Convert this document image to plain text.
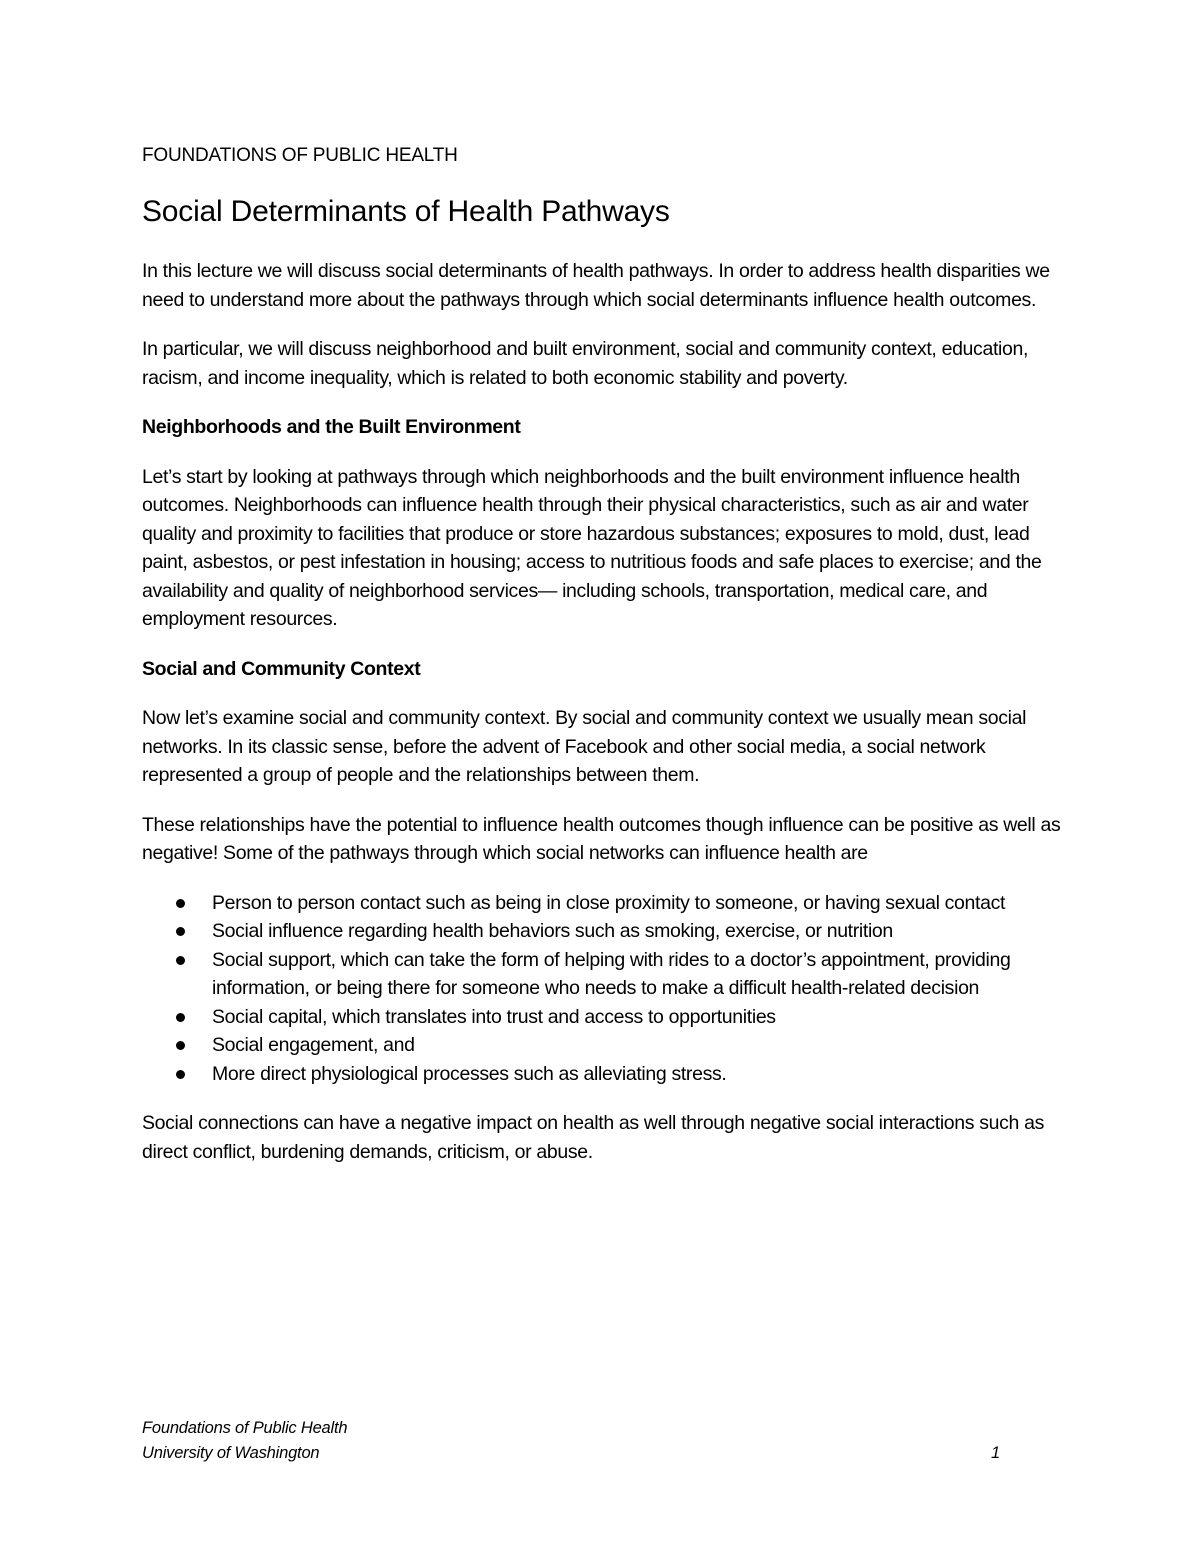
FOUNDATIONS OF PUBLIC HEALTH
Social Determinants of Health Pathways

In this lecture we will discuss social determinants of health pathways. In order to address health disparities we need to understand more about the pathways through which social determinants influence health outcomes.

In particular, we will discuss neighborhood and built environment, social and community context, education, racism, and income inequality, which is related to both economic stability and poverty.

Neighborhoods and the Built Environment

Let’s start by looking at pathways through which neighborhoods and the built environment influence health outcomes. Neighborhoods can influence health through their physical characteristics, such as air and water quality and proximity to facilities that produce or store hazardous substances; exposures to mold, dust, lead paint, asbestos, or pest infestation in housing; access to nutritious foods and safe places to exercise; and the availability and quality of neighborhood services— including schools, transportation, medical care, and employment resources.

Social and Community Context

Now let’s examine social and community context. By social and community context we usually mean social networks. In its classic sense, before the advent of Facebook and other social media, a social network represented a group of people and the relationships between them.

These relationships have the potential to influence health outcomes though influence can be positive as well as negative! Some of the pathways through which social networks can influence health are

Person to person contact such as being in close proximity to someone, or having sexual contact
Social influence regarding health behaviors such as smoking, exercise, or nutrition
Social support, which can take the form of helping with rides to a doctor’s appointment, providing information, or being there for someone who needs to make a difficult health-related decision
Social capital, which translates into trust and access to opportunities
Social engagement, and
More direct physiological processes such as alleviating stress.

Social connections can have a negative impact on health as well through negative social interactions such as direct conflict, burdening demands, criticism, or abuse.

Foundations of Public Health
University of Washington	1
